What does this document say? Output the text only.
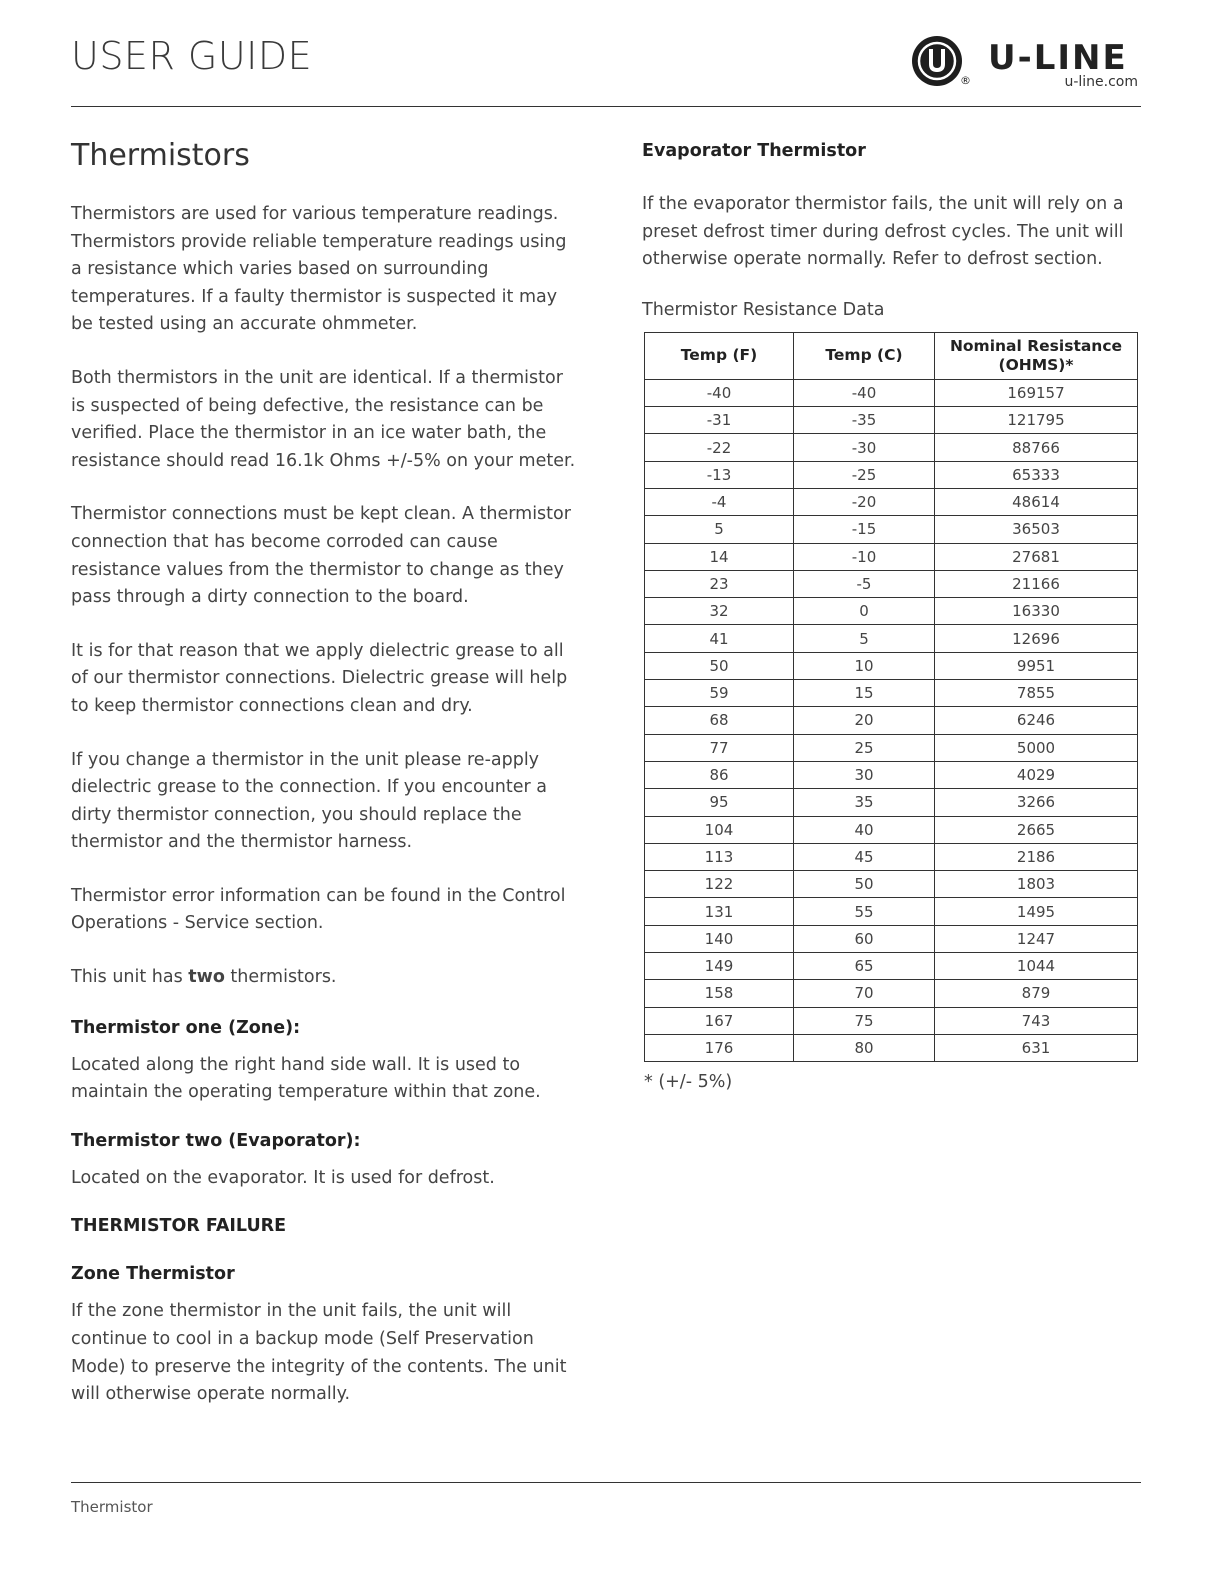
USER GUIDE
®
U-LINE
u-line.com
Thermistors

Thermistors are used for various temperature readings. Thermistors provide reliable temperature readings using a resistance which varies based on surrounding temperatures. If a faulty thermistor is suspected it may be tested using an accurate ohmmeter.

Both thermistors in the unit are identical. If a thermistor is suspected of being defective, the resistance can be verified. Place the thermistor in an ice water bath, the resistance should read 16.1k Ohms +/-5% on your meter.

Thermistor connections must be kept clean. A thermistor connection that has become corroded can cause resistance values from the thermistor to change as they pass through a dirty connection to the board.

It is for that reason that we apply dielectric grease to all of our thermistor connections. Dielectric grease will help to keep thermistor connections clean and dry.

If you change a thermistor in the unit please re-apply dielectric grease to the connection. If you encounter a dirty thermistor connection, you should replace the thermistor and the thermistor harness.

Thermistor error information can be found in the Control Operations - Service section.

This unit has two thermistors.

Thermistor one (Zone):

Located along the right hand side wall. It is used to maintain the operating temperature within that zone.

Thermistor two (Evaporator):

Located on the evaporator. It is used for defrost.

THERMISTOR FAILURE
Zone Thermistor

If the zone thermistor in the unit fails, the unit will continue to cool in a backup mode (Self Preservation Mode) to preserve the integrity of the contents. The unit will otherwise operate normally.

Evaporator Thermistor

If the evaporator thermistor fails, the unit will rely on a preset defrost timer during defrost cycles. The unit will otherwise operate normally. Refer to defrost section.

Thermistor Resistance Data
Temp (F)	Temp (C)	Nominal Resistance (OHMS)*
-40	-40	169157
-31	-35	121795
-22	-30	88766
-13	-25	65333
-4	-20	48614
5	-15	36503
14	-10	27681
23	-5	21166
32	0	16330
41	5	12696
50	10	9951
59	15	7855
68	20	6246
77	25	5000
86	30	4029
95	35	3266
104	40	2665
113	45	2186
122	50	1803
131	55	1495
140	60	1247
149	65	1044
158	70	879
167	75	743
176	80	631
* (+/- 5%)
Thermistor
